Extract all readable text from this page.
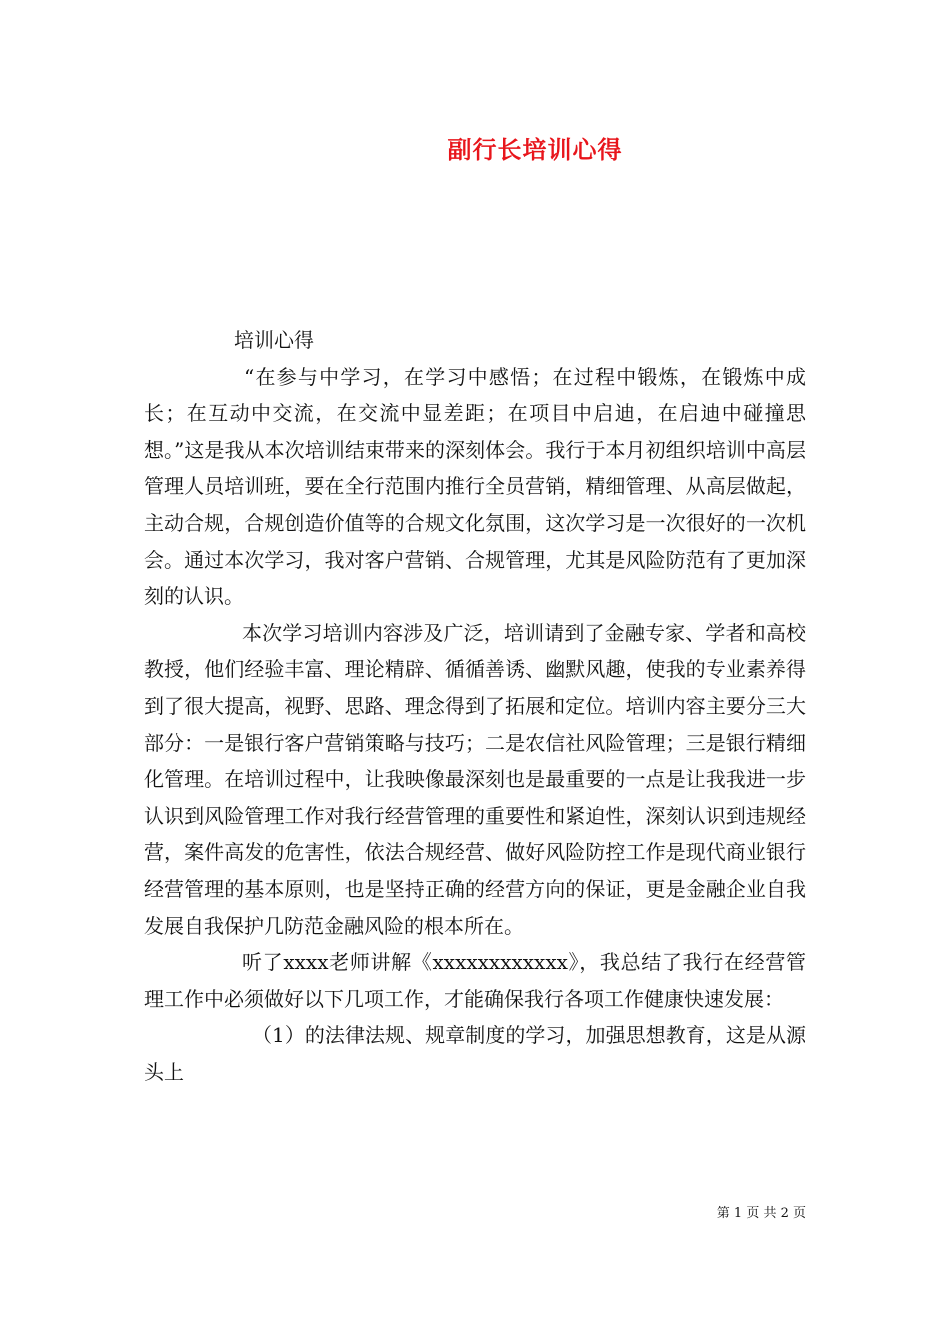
副行长培训心得

培训心得

“在参与中学习，在学习中感悟；在过程中锻炼，在锻炼中成长；在互动中交流，在交流中显差距；在项目中启迪，在启迪中碰撞思想。”这是我从本次培训结束带来的深刻体会。我行于本月初组织培训中高层管理人员培训班，要在全行范围内推行全员营销，精细管理、从高层做起，主动合规，合规创造价值等的合规文化氛围，这次学习是一次很好的一次机会。通过本次学习，我对客户营销、合规管理，尤其是风险防范有了更加深刻的认识。

本次学习培训内容涉及广泛，培训请到了金融专家、学者和高校教授，他们经验丰富、理论精辟、循循善诱、幽默风趣，使我的专业素养得到了很大提高，视野、思路、理念得到了拓展和定位。培训内容主要分三大部分：一是银行客户营销策略与技巧；二是农信社风险管理；三是银行精细化管理。在培训过程中，让我映像最深刻也是最重要的一点是让我我进一步认识到风险管理工作对我行经营管理的重要性和紧迫性，深刻认识到违规经营，案件高发的危害性，依法合规经营、做好风险防控工作是现代商业银行经营管理的基本原则，也是坚持正确的经营方向的保证，更是金融企业自我发展自我保护几防范金融风险的根本所在。

听了xxxx老师讲解《xxxxxxxxxxxx》，我总结了我行在经营管理工作中必须做好以下几项工作，才能确保我行各项工作健康快速发展：

（1）的法律法规、规章制度的学习，加强思想教育，这是从源头上

第 1 页 共 2 页
